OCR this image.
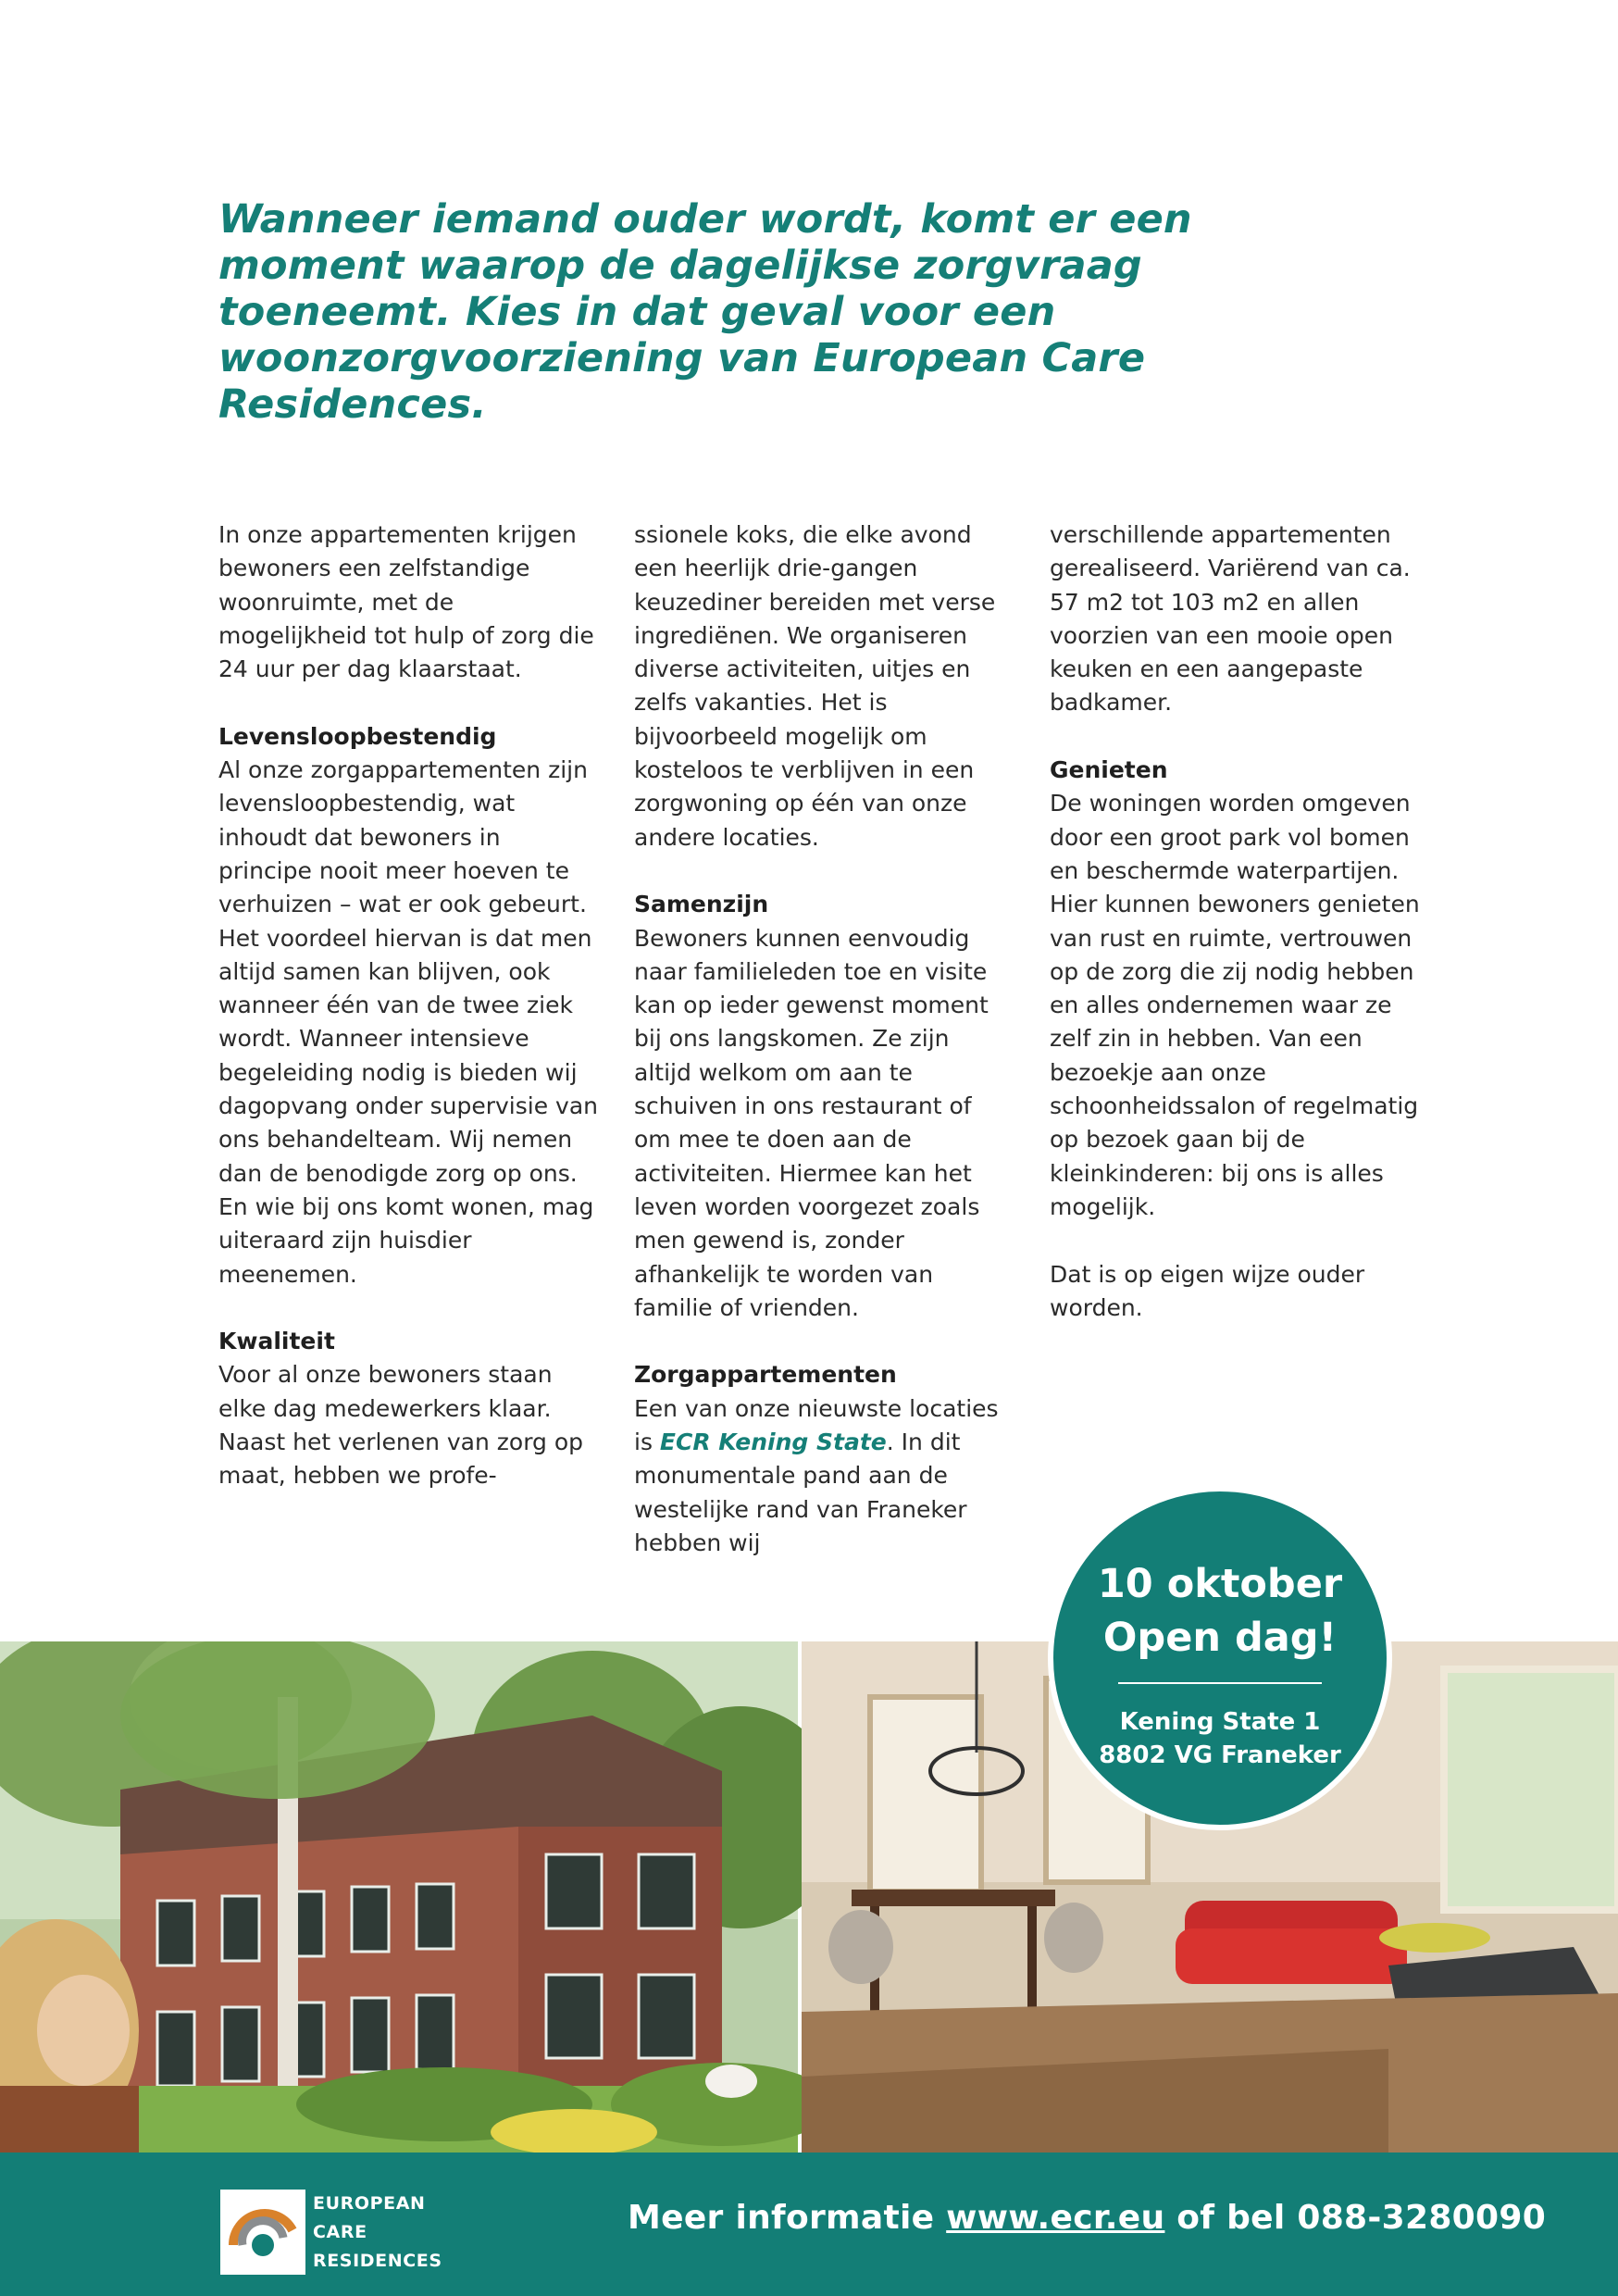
Wanneer iemand ouder wordt, komt er een moment waarop de dagelijkse zorgvraag toeneemt. Kies in dat geval voor een woonzorgvoorziening van European Care Residences.

In onze appartementen krijgen bewoners een zelfstandige woonruimte, met de mogelijkheid tot hulp of zorg die 24 uur per dag klaarstaat.

Levensloopbestendig

Al onze zorgappartementen zijn levensloopbestendig, wat inhoudt dat bewoners in principe nooit meer hoeven te verhuizen – wat er ook gebeurt. Het voordeel hiervan is dat men altijd samen kan blijven, ook wanneer één van de twee ziek wordt. Wanneer intensieve begeleiding nodig is bieden wij dagopvang onder supervisie van ons behandelteam. Wij nemen dan de benodigde zorg op ons. En wie bij ons komt wonen, mag uiteraard zijn huisdier meenemen.

Kwaliteit

Voor al onze bewoners staan elke dag medewerkers klaar. Naast het verlenen van zorg op maat, hebben we profe-

ssionele koks, die elke avond een heerlijk drie-gangen keuzediner bereiden met verse ingrediënen. We organiseren diverse activiteiten, uitjes en zelfs vakanties. Het is bijvoorbeeld mogelijk om kosteloos te verblijven in een zorgwoning op één van onze andere locaties.

Samenzijn

Bewoners kunnen eenvoudig naar familieleden toe en visite kan op ieder gewenst moment bij ons langskomen. Ze zijn altijd welkom om aan te schuiven in ons restaurant of om mee te doen aan de activiteiten. Hiermee kan het leven worden voorgezet zoals men gewend is, zonder afhankelijk te worden van familie of vrienden.

Zorgappartementen

Een van onze nieuwste locaties is ECR Kening State. In dit monumentale pand aan de westelijke rand van Franeker hebben wij

verschillende appartementen gerealiseerd. Variërend van ca. 57 m2 tot 103 m2 en allen voorzien van een mooie open keuken en een aangepaste badkamer.

Genieten

De woningen worden omgeven door een groot park vol bomen en beschermde waterpartijen. Hier kunnen bewoners genieten van rust en ruimte, vertrouwen op de zorg die zij nodig hebben en alles ondernemen waar ze zelf zin in hebben. Van een bezoekje aan onze schoonheidssalon of regelmatig op bezoek gaan bij de kleinkinderen: bij ons is alles mogelijk.

Dat is op eigen wijze ouder worden.

10 oktober
Open dag!
Kening State 1
8802 VG Franeker
EUROPEAN
CARE
RESIDENCES
Meer informatie www.ecr.eu of bel 088-3280090
